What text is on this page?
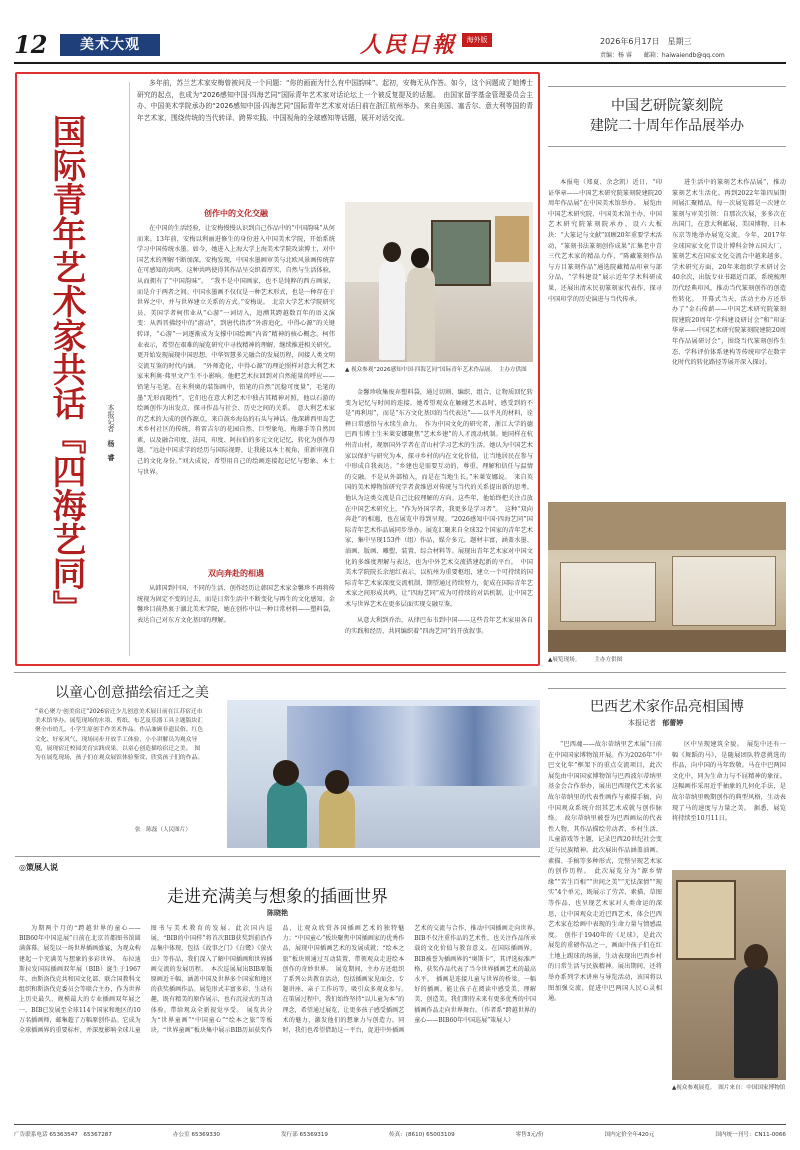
12	美术大观	人民日報	海外版	2026年6月17日　星期三
责编：杨 睿　　邮箱：haiwaiendb@qq.com
国际青年艺术家共话『四海艺同』	本报记者 杨　睿
多年前，苏兰艺术家安梅曾被问及一个问题：“你的画面为什么有中国韵味”。起初，安梅无从作答。如今，这个问题成了她博士研究的起点，也成为“2026感知中国·四海艺同”国际青年艺术家对话论坛上一个被反复提及的话题。　由国家留学基金管理委员会主办、中国美术学院承办的“2026感知中国·四海艺同”国际青年艺术家对话日前在浙江杭州举办。来自美国、塞舌尔、意大利等国的青年艺术家，围绕传统的当代转译、跨界实践、中国视角的全球感知等话题，展开对话交流。
创作中的文化交融
在中国的生活经验，让安梅慢慢认识到自己作品中的“中国韵味”从何而来。13年前，安梅以利丽进修生的身份进入中国美术学院，开始系统学习中国传统水墨。如今，她进入上海大学上海美术学院攻读博士，对中国艺术的理解不断加深。安梅发现，中国水墨画审美与北欧风景画传统存在可感知的共鸣。这种共鸣使得其作品呈交织着厚实、自然与生活体验，从而拥有了“中国韵味”。　“我不是中国画家，也不是纯粹的西方画家，而是介于两者之间。中国水墨画不仅仅是一种艺术形式，也是一种存在于世界之中、并与世界建立关系的方式。”安梅说。　北京大学艺术学院研究员、美国学者柯伟业从“心游”一词切入，追溯其跨越数百年的语义演变：从西晋佛经中的“游动”，到唐代指涉“外游追化，中得心源”的关键转译，“心游”一词逐渐成为支撑中国绘画“内省”精神的核心概念。柯伟业表示，希望在艰难的展览研究中寻找精神的理解，继续推进相关研究。更开始发现展现中国思想，中华智慧多元融合的发展历程，间接人类文明交流互鉴的时代内涵。　“外师造化，中得心源”的理论照样对意大利艺术家米利奥·弗里文产生不小影响。他把艺术拉回到对自然能量的呼应——铅笔与毛笔。在米利奥的装饰画中，铅笔的自然“沉稳可度量”，毛笔的墨“无形而随性”，它们也在意大利艺术中独占其精神对照，他以石游的绘画创作为出发点，探寻作品与社会、历史之间的关系。　意大利艺术家的艺术的大成的创作源点，来自鼓乡海岛的石头与神话。他深耕西里岛艺术乡村社区的传统，将雷吉尔的花园自然、巨型象龟、梅珊手等自然因素，以及融合印度、法国、印度、阿拉伯的多元文化记忆，转化为创作母题。“远赴中国求学的经历与国际视野，让我能以本土视角，重新审视自己的文化身份。”刘大成说，希望用自己的绘画连接起记忆与想象、本土与世界。
双向奔赴的相遇
从韩国到中国，不同的生活、创作经历让韩国艺术家金馨珍不再将传统视为固定不变的过去，而是日常生活中不断变化与再生的文化感知。金馨珍目前热衷于湖北美术学院，她在创作中以一种目常材料——塑料袋，表达自己对东方文化基因的理解。
▲ 视众参观“2026感知中国·四海艺同”国际青年艺术作品展。　主办方供图
金馨珍收集废弃塑料袋，通过切割、编织、组合，让物质回忆转变为记忆与时间的连接。她希望观众在触碰艺术品时，感受到的不是“再利用”，而是“东方文化基因的当代表达”——以平凡的材料，诠释日常感悟与永续生命力。　作为中国文化的研究者，浙江大学的德巴西韦博士生米莱安娜聚焦“艺术乡建”的人才流动机制。她同样在杭州青山村，观察国外学者在青山村学习艺术的生活。她认为中国艺术家以保护与研究为本，探寻乡村的内在文化价值，让当地居民在参与中形成自我表达。“乡建也是需要互动的，尊重、理解和信任与温情的交融。不是从外部植入，而是在当地生长。”米莱安娜说。　来自英国的美术博物馆研究学者黄维恩对传统与当代的关系提出新的思考。他认为这类交流是自己比较理解的方向。这些年，他始终把关注点放在中国艺术研究上，“作为外国学者，我更多是学习者”。　这种“双向奔赴”的相遇，也在展览中得到呈现。“2026感知中国·四海艺同”国际青年艺术作品展同步举办。展览汇聚来自全球32个国家的青年艺术家，集中呈现153件（组）作品，媒介多元，题材丰富，涵盖水墨、油画、版画、雕塑、装置、综合材料等。展现出青年艺术家对中国文化的多维度理解与表达，也为中外艺术交流搭建起新的平台。　中国美术学院院长余旭红表示，以杭州为重要枢纽，建立一个可持续的国际青年艺术家深度交流机制，期望通过持续努力，促成在国际青年艺术家之间形成共鸣，让“四海艺同”成为可持续的对话机制，让中国艺术与世界艺术在更多层面实现交融互鉴。
从意大利到乔治，从律巴布韦到中国——这些青年艺术家用各自的实践和经历，共同编织着“四海艺同”的开放叙事。
中国艺研院篆刻院
建院二十周年作品展举办
本报电（郑夏、余念凯）近日，“印证华章——中国艺术研究院篆刻院建院20周年作品展”在中国美术馆举办。　展览由中国艺术研究院、中国美术馆主办，中国艺术研究院篆刻院承办，设六大板块：“大篆记与文献”回顾20年重要学术活动，“篆刻书法篆刻创作成果”汇集老中青三代艺术家的精品力作，“陈藏篆刻作品与方目篆刻作品”通选院藏精品印章与部分品，“学科建设”展示近年学术科研成果，还展出清末民初篆刻家代表作，探寻中国印学的历史演进与当代传承。
进生活中的篆刻艺术作品展”，推动篆刻艺术生活化。再到2022年第四届期间展汇聚精品，每一次展览都是一次建立篆刻与审美引领：自那次次展，多多次在出国门，在意大利邮展，美国博物、日本东京等地举办展览交流。今年，2017年全球国家文化节设计博科金钟五国大厂，篆刻艺术在国家文化交流合中越来越多。学术研究方面，20年来组织学术研讨会40余次，出版专业书籍近百部，系统梳理历代经典印风，推动当代篆刻创作的创造性转化。　开幕式当天，活动主办方还举办了“金石传薪——中国艺术研究院篆刻院建院20周年·学科建设研讨会”和“印证华章——中国艺术研究院篆刻院建院20周年作品展研讨会”，围绕当代篆刻创作生态、学科评价体系建构等传统印学在数字化时代的转化路径等展开深入探讨。
▲展览现场。　　　主办方供图
以童心创意描绘宿迁之美
“童心聚力·创美宿迁”2026宿迁少儿创意美术展日前在江苏宿迁市美术馆举办。展览现场的水墨、剪纸、布艺及乐器工具主题版块汇聚全市幼儿、小学生原创手作美术作品。作品兼顾非遗民俗、红色文化、好家风气、现场同步开放手工体验，小小讲解员为观众导览，展现宿迁校园美育实践成果，以童心创造描绘宿迁之美。　图为在展览现场，孩子们在观众展馆体验鉴赏、欣赏孩子们的作品。
张　陈磊（人民图片）
巴西艺术家作品亮相国博
本报记者 郁蕾婷
“巴西魂——故尔蒂纳里艺术展”日前在中国国家博物馆开展。作为2026年“中巴文化年”框架下的重点交流项目，此次展览由中国国家博物馆与巴西波尔蒂纳里基金会合作举办，展出巴西现代艺术名家故尔蒂纳里的代表性画作与素描手稿，向中国观众系统介绍其艺术成就与创作脉络。　故尔蒂纳里被誉为巴西画坛的代表性人物，其作品描绘劳动者、乡村生活、儿童游戏等主题，记录巴西20世纪社会变迁与民族精神。此次展出作品涵盖油画、素描、手稿等多种形式，完整呈现艺术家的创作历程。　此次展览分为“源乡情缘”“苦生百相”“世间之美”“无怯深情”“现实”4个单元，既展示了劳苦、素描、草图等作品，也呈现艺术家对人类命运的深思，让中国观众走近巴西艺术，体会巴西艺术家在绘画中表现的生命力量与情感温度。　创作于1940年的《足球》，是此次展览的重磅作品之一，画面中孩子们在红土地上踢球的场景，生动表现出巴西乡村的日常生活与民族精神。展出期间，还将举办系列学术讲座与导览活动，该国将以图加强交流，促进中巴两国人民心灵相通。
区中呈现建筑全貌。　展览中还有一幅《舞蹈的马》，是随展团队特意挑选的作品，向中国的马年致敬。马在中巴两国文化中，同为生命力与不屈精神的象征。这幅画作采用近乎抽象的几何化手法，是故尔蒂纳里晚期创作的典型风格，生动表现了马的速度与力量之美。　据悉，展览将持续至10月11日。
▲视众参观展览。　图片来自：中国国家博物馆
◎策展人说
走进充满美与想象的插画世界
陈晓艳
为期两个月的“跨越世界的童心——BIB60年中国巡展”日前在北京首都图书馆圆满落幕。展览以一场世界插画盛宴，为观众构建起一个充满美与想象的多彩世界。　布拉迪斯拉发国际插画双年展（BIB）诞生于1967年，由斯洛伐克共和国文化部、联合国教科文组织和斯洛伐克委员会等联合主办，作为世界上历史最久、规模最大的专业插画双年展之一，BIB已发展至全球114个国家和地区的10万名插画师，邮集超了万幅原创作品。它成为全球插画界的重要标杆，并深度影响全球儿童图书与美术教育的发展。此次国内巡展，“BIB的中国样”将首次BIB获奖到前沿作品集中体现，包括《故事之门》《白鹭》《萤火虫》等作品，我们深入了解中国插画和世界插画交流的发展历程。　本次巡展展出BIB原版原画近千幅，涵盖中国及世界多个国家和地区的获奖插画作品。展览形式丰富多彩、生动有趣，既有精美的原作展示，也有沉浸式的互动体验，带给观众全新视觉享受。　展览共分为“世界童画”“中国童心”“绘本之旅”等板块。“世界童画”板块集中展示BIB历届获奖作品，让观众欣赏各国插画艺术的独特魅力；“中国童心”板块聚焦中国插画家的优秀作品，展现中国插画艺术的发展成就；“绘本之旅”板块则通过互动装置，带领观众走进绘本创作的奇妙世界。　展览期间，主办方还组织了系列公共教育活动，包括插画家见面会、专题讲座、亲子工作坊等，吸引众多观众参与。　在策展过程中，我们始终坚持“以儿童为本”的理念，希望通过展览，让更多孩子感受插画艺术的魅力，激发他们的想象力与创造力。同时，我们也希望借助这一平台，促进中外插画艺术的交流与合作，推动中国插画走向世界。　BIB不仅注重作品的艺术性，也关注作品所承载的文化价值与教育意义。在国际插画界，BIB被誉为插画界的“奥斯卡”，其评选标准严格，获奖作品代表了当今世界插画艺术的最高水平。　插画是连接儿童与世界的桥梁。一幅好的插画，能让孩子在阅读中感受美、理解美、创造美。我们期待未来有更多优秀的中国插画作品走向世界舞台。（作者系“跨越世界的童心——BIB60年中国巡展”策展人）
广告联系电话 65363547　65367287	办公室 65369330	发行部 65369319	传真：(8610) 65003109	零售3元/份	国内定价全年420元	国内统一刊号：CN11-0066
